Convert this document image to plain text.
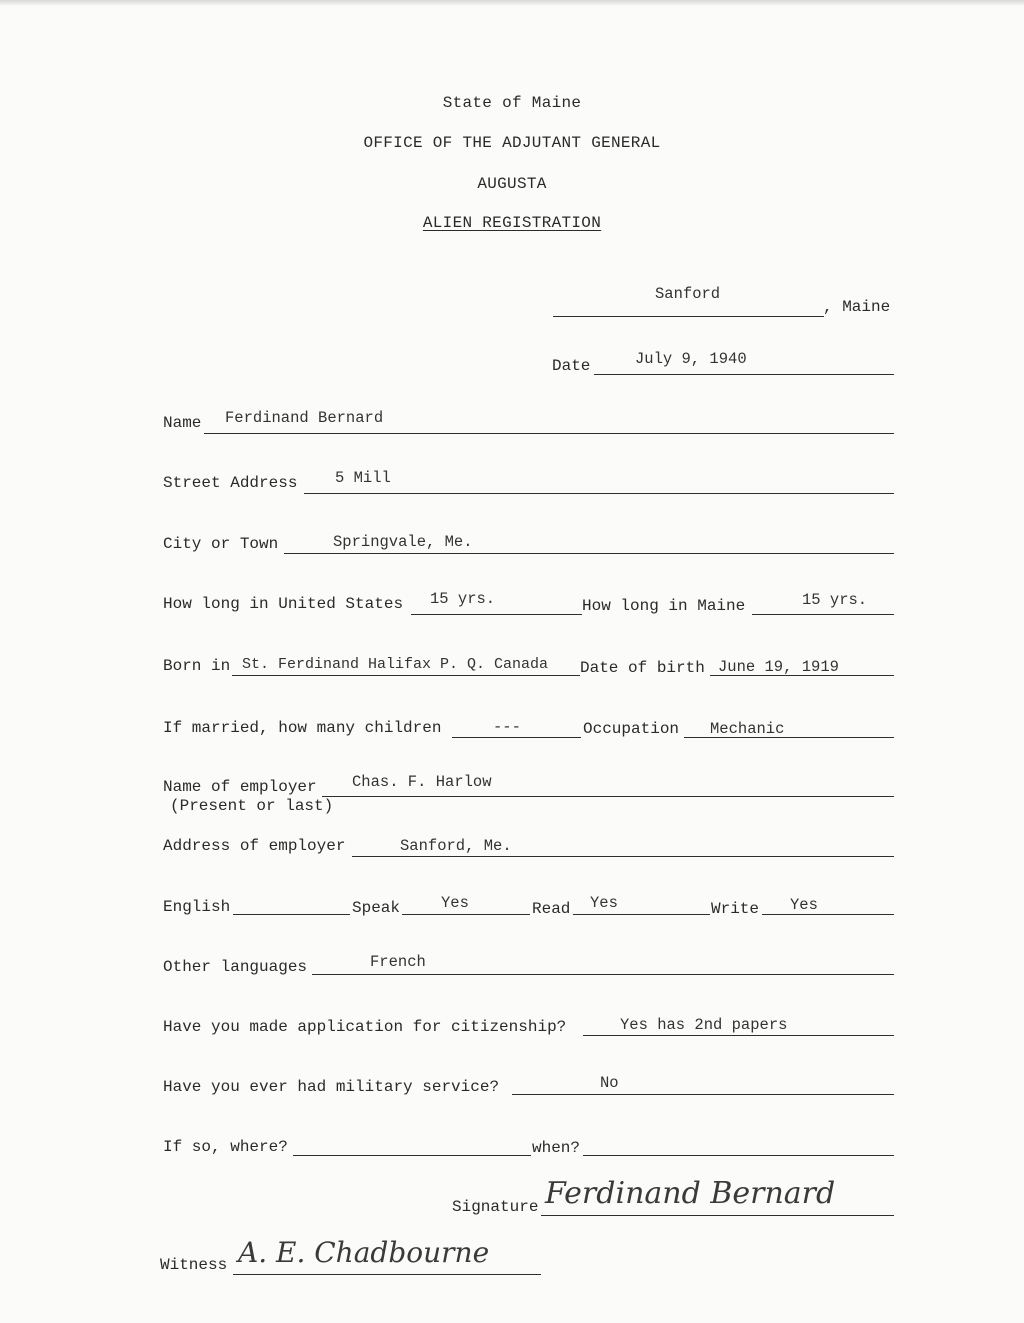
State of Maine
OFFICE OF THE ADJUTANT GENERAL
AUGUSTA
ALIEN REGISTRATION
Sanford
, Maine
Date	July 9, 1940
Name Ferdinand Bernard
Street Address 5 Mill
City or Town	Springvale, Me.
How long in United States 15 yrs.	How long in Maine	15 yrs.
Born in St. Ferdinand Halifax P. Q. Canada Date of birth June 19, 1919
If married, how many children	---	Occupation Mechanic
Name of employer
(Present or last)
Chas. F. Harlow
Address of employer	Sanford, Me.
English	Speak	Yes	Read Yes	Write Yes
Other languages	French
Have you made application for citizenship?	Yes has 2nd papers
Have you ever had military service?	No
If so, where?	when?
Signature Ferdinand Bernard
Witness A. E. Chadbourne
